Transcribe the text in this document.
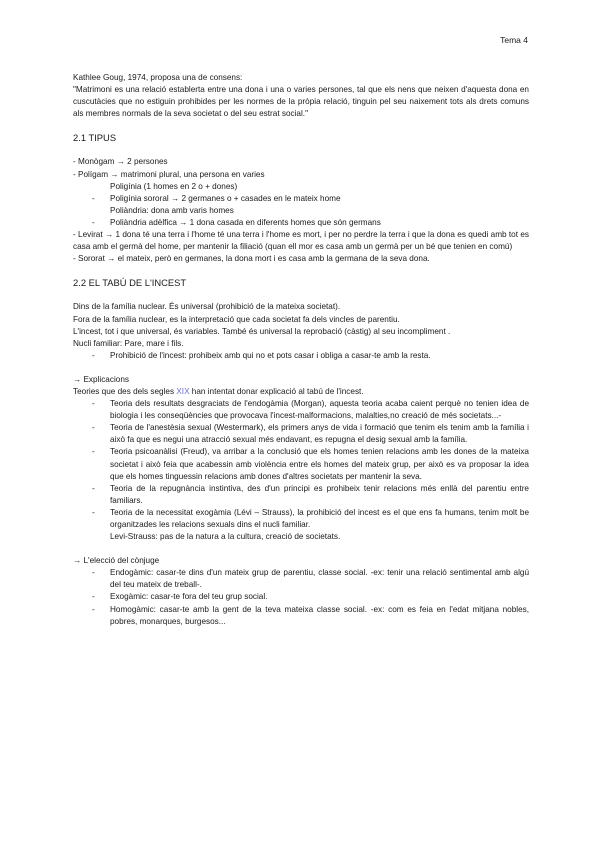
Tema 4

Kathlee Goug, 1974, proposa una de consens:

"Matrimoni es una relació establerta entre una dona i una o varies persones, tal que els nens que neixen d'aquesta dona en cuscutàcies que no estiguin prohibides per les normes de la pròpia relació, tinguin pel seu naixement tots als drets comuns als membres normals de la seva societat o del seu estrat social."

2.1 TIPUS

- Monògam → 2 persones

- Polígam → matrimoni plural, una persona en varies

Poligínia (1 homes en 2 o + dones)

- Poligínia sororal → 2 germanes o + casades en le mateix home

Poliàndria: dona amb varis homes

- Poliàndria adèlfica → 1 dona casada en diferents homes que són germans

- Levirat → 1 dona té una terra i l'home té una terra i l'home es mort, i per no perdre la terra i que la dona es quedi amb tot es casa amb el germà del home, per mantenir la filiació (quan ell mor es casa amb un germà per un bé que tenien en comú)

- Sororat → el mateix, però en germanes, la dona mort i es casa amb la germana de la seva dona.

2.2 EL TABÚ DE L'INCEST

Dins de la família nuclear. És universal (prohibició de la mateixa societat).

Fora de la família nuclear, es la interpretació que cada societat fa dels vincles de parentiu.

L'incest, tot i que universal, és variables. També és universal la reprobació (càstig) al seu incompliment .

Nucli familiar: Pare, mare i fils.

- Prohibició de l'incest: prohibeix amb qui no et pots casar i obliga a casar-te amb la resta.

→ Explicacions

Teories que des dels segles XIX han intentat donar explicació al tabú de l'incest.

- Teoria dels resultats desgraciats de l'endogàmia (Morgan), aquesta teoria acaba caient perquè no tenien idea de biologia i les conseqüències que provocava l'incest-malformacions, malalties,no creació de més societats...-

- Teoria de l'anestèsia sexual (Westermark), els primers anys de vida i formació que tenim els tenim amb la família i això fa que es negui una atracció sexual més endavant, es repugna el desig sexual amb la família.

- Teoria psicoanàlisi (Freud), va arribar a la conclusió que els homes tenien relacions amb les dones de la mateixa societat i això feia que acabessin amb violència entre els homes del mateix grup, per això es va proposar la idea que els homes tinguessin relacions amb dones d'altres societats per mantenir la seva.

- Teoria de la repugnància instintiva, des d'un principi es prohibeix tenir relacions més enllà del parentiu entre familiars.

- Teoria de la necessitat exogàmia (Lévi – Strauss), la prohibició del incest es el que ens fa humans, tenim molt be organitzades les relacions sexuals dins el nucli familiar.

Levi-Strauss: pas de la natura a la cultura, creació de societats.

→ L'elecció del cònjuge

- Endogàmic: casar-te dins d'un mateix grup de parentiu, classe social. -ex: tenir una relació sentimental amb algú del teu mateix de treball-.

- Exogàmic: casar-te fora del teu grup social.

- Homogàmic: casar-te amb la gent de la teva mateixa classe social. -ex: com es feia en l'edat mitjana nobles, pobres, monarques, burgesos...
